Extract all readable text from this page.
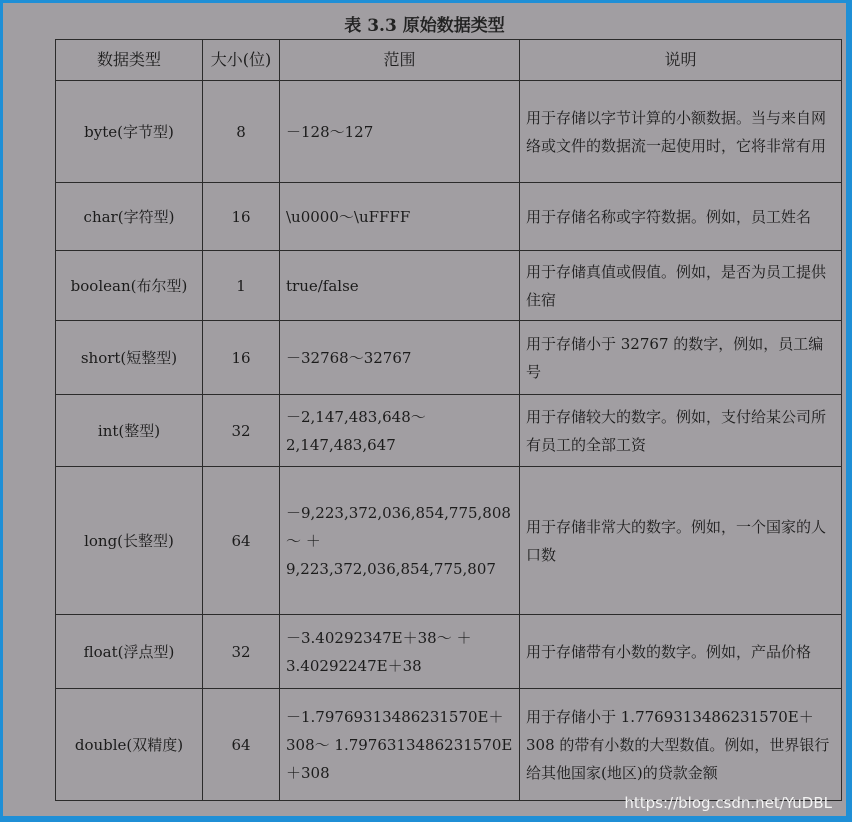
表 3.3 原始数据类型
数据类型	大小(位)	范围	说明
byte(字节型)	8	－128～127	用于存储以字节计算的小额数据。当与来自网络或文件的数据流一起使用时，它将非常有用
char(字符型)	16	\u0000～\uFFFF	用于存储名称或字符数据。例如，员工姓名
boolean(布尔型)	1	true/false	用于存储真值或假值。例如，是否为员工提供住宿
short(短整型)	16	－32768～32767	用于存储小于 32767 的数字，例如，员工编号
int(整型)	32	－2,147,483,648～2,147,483,647	用于存储较大的数字。例如，支付给某公司所有员工的全部工资
long(长整型)	64	－9,223,372,036,854,775,808～ ＋9,223,372,036,854,775,807	用于存储非常大的数字。例如，一个国家的人口数
float(浮点型)	32	－3.40292347E＋38～ ＋3.40292247E＋38	用于存储带有小数的数字。例如，产品价格
double(双精度)	64	－1.79769313486231570E＋308～ 1.7976313486231570E＋308	用于存储小于 1.7769313486231570E＋308 的带有小数的大型数值。例如，世界银行给其他国家(地区)的贷款金额
https://blog.csdn.net/YuDBL
